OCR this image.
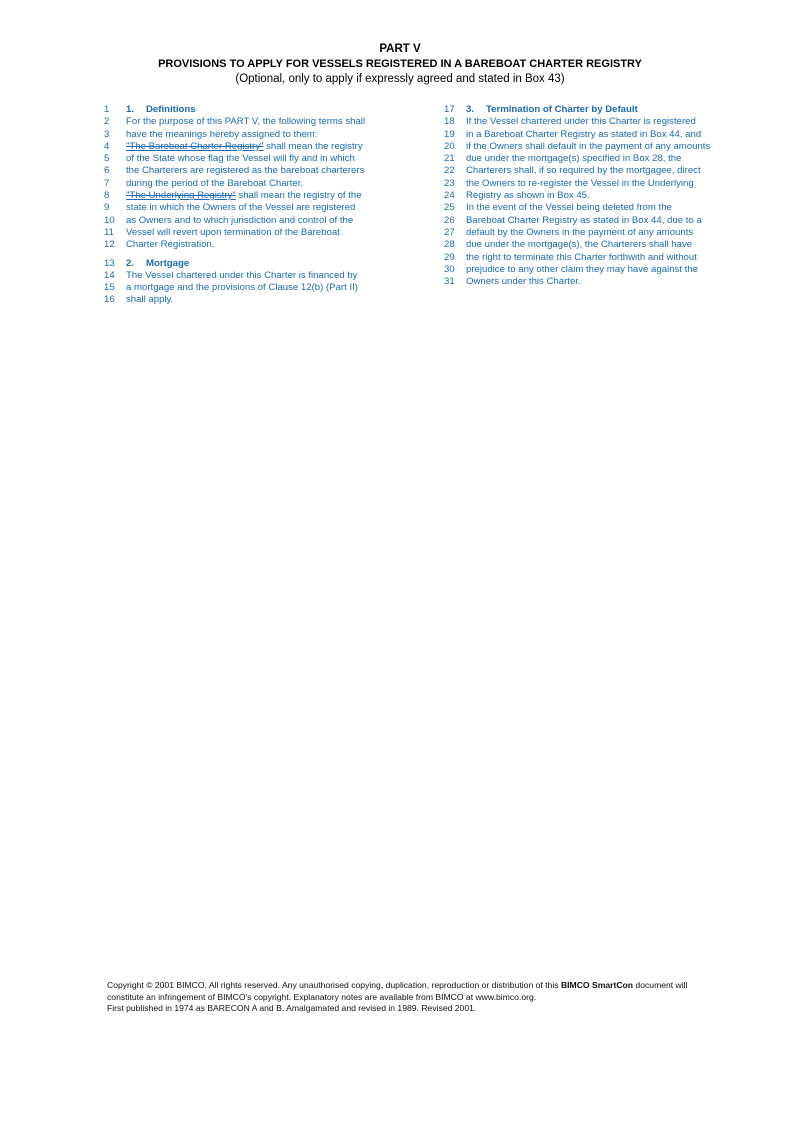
PART V
PROVISIONS TO APPLY FOR VESSELS REGISTERED IN A BAREBOAT CHARTER REGISTRY
(Optional, only to apply if expressly agreed and stated in Box 43)
1 1. Definitions
2 For the purpose of this PART V, the following terms shall
3 have the meanings hereby assigned to them:
4 "The Bareboat Charter Registry" shall mean the registry
5 of the State whose flag the Vessel will fly and in which
6 the Charterers are registered as the bareboat charterers
7 during the period of the Bareboat Charter.
8 "The Underlying Registry" shall mean the registry of the
9 state in which the Owners of the Vessel are registered
10 as Owners and to which jurisdiction and control of the
11 Vessel will revert upon termination of the Bareboat
12 Charter Registration.
13 2. Mortgage
14 The Vessel chartered under this Charter is financed by
15 a mortgage and the provisions of Clause 12(b) (Part II)
16 shall apply.
17 3. Termination of Charter by Default
18 If the Vessel chartered under this Charter is registered
19 in a Bareboat Charter Registry as stated in Box 44, and
20 if the Owners shall default in the payment of any amounts
21 due under the mortgage(s) specified in Box 28, the
22 Charterers shall, if so required by the mortgagee, direct
23 the Owners to re-register the Vessel in the Underlying
24 Registry as shown in Box 45.
25 In the event of the Vessel being deleted from the
26 Bareboat Charter Registry as stated in Box 44, due to a
27 default by the Owners in the payment of any amounts
28 due under the mortgage(s), the Charterers shall have
29 the right to terminate this Charter forthwith and without
30 prejudice to any other claim they may have against the
31 Owners under this Charter.
Copyright © 2001 BIMCO. All rights reserved. Any unauthorised copying, duplication, reproduction or distribution of this BIMCO SmartCon document will
constitute an infringement of BIMCO's copyright. Explanatory notes are available from BIMCO at www.bimco.org.
First published in 1974 as BARECON A and B. Amalgamated and revised in 1989. Revised 2001.
